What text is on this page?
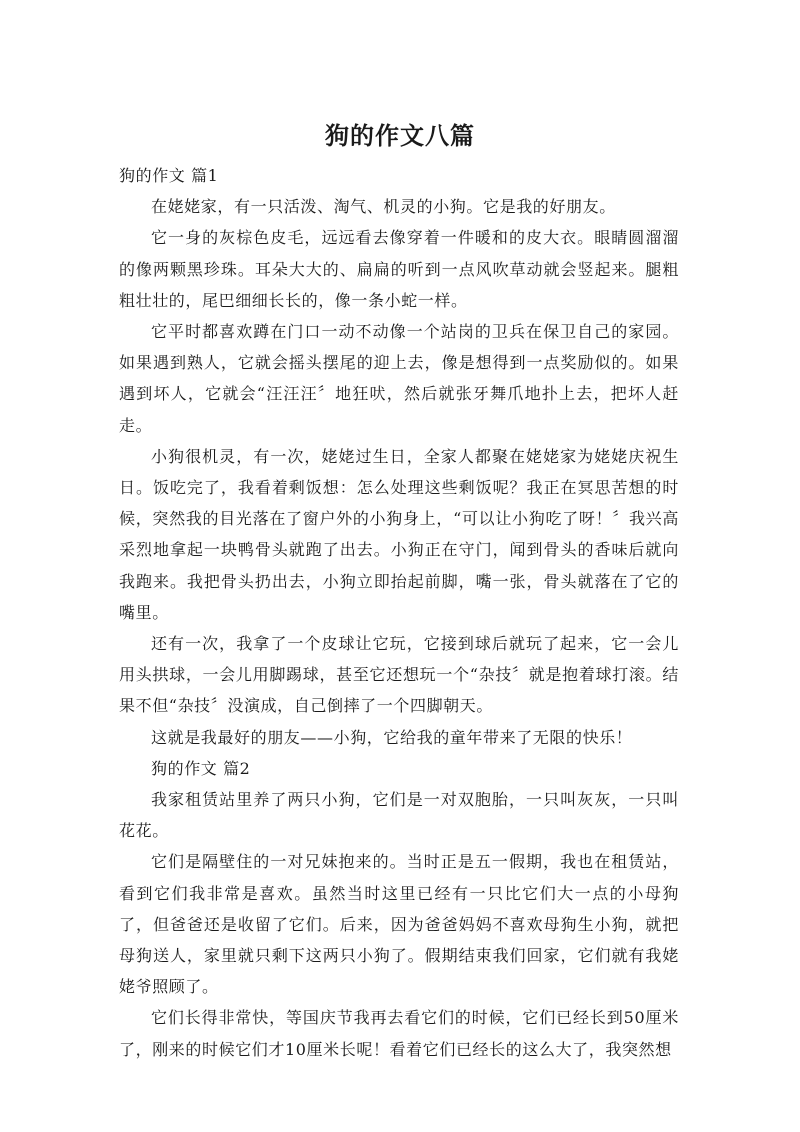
狗的作文八篇

狗的作文 篇1

在姥姥家，有一只活泼、淘气、机灵的小狗。它是我的好朋友。

它一身的灰棕色皮毛，远远看去像穿着一件暖和的皮大衣。眼睛圆溜溜的像两颗黑珍珠。耳朵大大的、扁扁的听到一点风吹草动就会竖起来。腿粗粗壮壮的，尾巴细细长长的，像一条小蛇一样。

它平时都喜欢蹲在门口一动不动像一个站岗的卫兵在保卫自己的家园。如果遇到熟人，它就会摇头摆尾的迎上去，像是想得到一点奖励似的。如果遇到坏人，它就会“汪汪汪〞地狂吠，然后就张牙舞爪地扑上去，把坏人赶走。

小狗很机灵，有一次，姥姥过生日，全家人都聚在姥姥家为姥姥庆祝生日。饭吃完了，我看着剩饭想：怎么处理这些剩饭呢？我正在冥思苦想的时候，突然我的目光落在了窗户外的小狗身上，“可以让小狗吃了呀！〞我兴高采烈地拿起一块鸭骨头就跑了出去。小狗正在守门，闻到骨头的香味后就向我跑来。我把骨头扔出去，小狗立即抬起前脚，嘴一张，骨头就落在了它的嘴里。

还有一次，我拿了一个皮球让它玩，它接到球后就玩了起来，它一会儿用头拱球，一会儿用脚踢球，甚至它还想玩一个“杂技〞就是抱着球打滚。结果不但“杂技〞没演成，自己倒摔了一个四脚朝天。

这就是我最好的朋友——小狗，它给我的童年带来了无限的快乐！

狗的作文 篇2

我家租赁站里养了两只小狗，它们是一对双胞胎，一只叫灰灰，一只叫花花。

它们是隔壁住的一对兄妹抱来的。当时正是五一假期，我也在租赁站，看到它们我非常是喜欢。虽然当时这里已经有一只比它们大一点的小母狗了，但爸爸还是收留了它们。后来，因为爸爸妈妈不喜欢母狗生小狗，就把母狗送人，家里就只剩下这两只小狗了。假期结束我们回家，它们就有我姥姥爷照顾了。

它们长得非常快，等国庆节我再去看它们的时候，它们已经长到50厘米了，刚来的时候它们才10厘米长呢！看着它们已经长的这么大了，我突然想
